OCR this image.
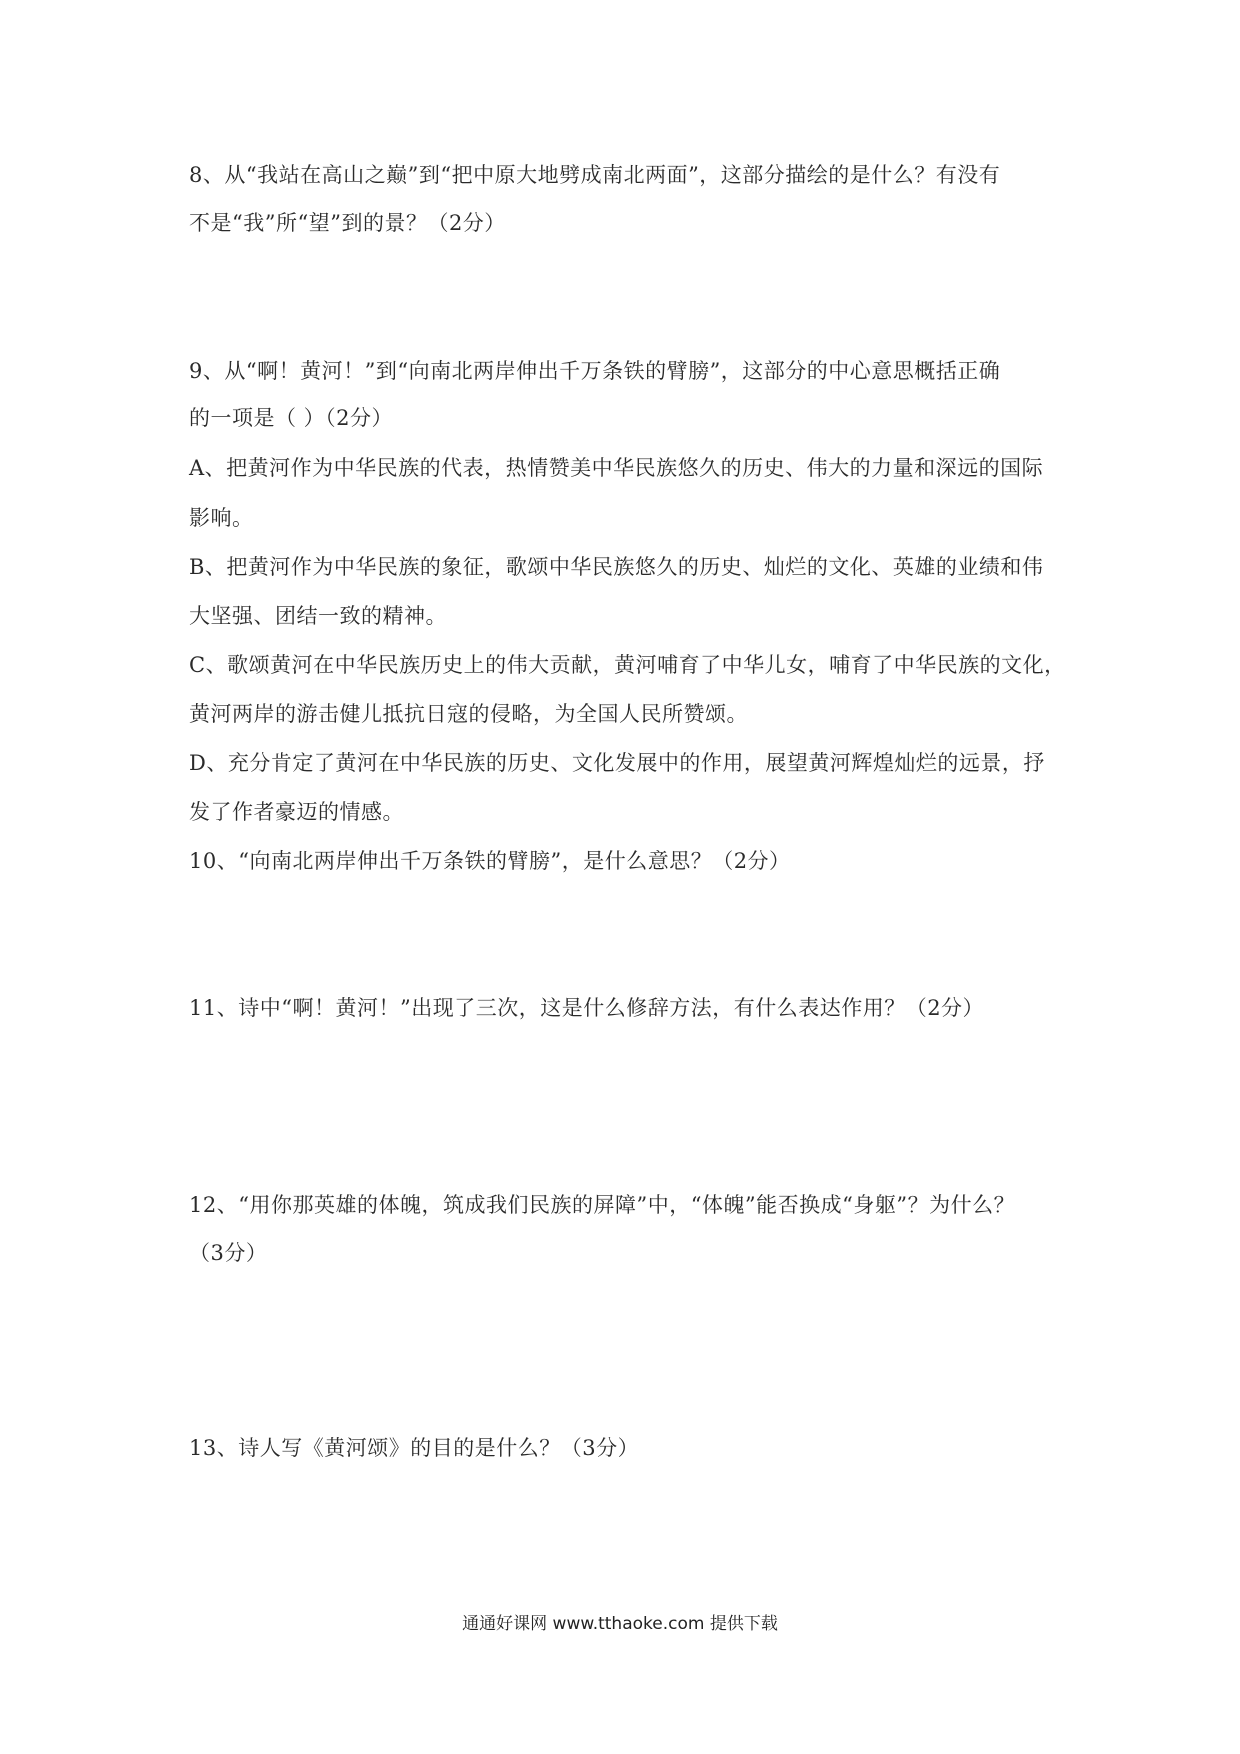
8、从“我站在高山之巅”到“把中原大地劈成南北两面”，这部分描绘的是什么？有没有
不是“我”所“望”到的景？（2分）
9、从“啊！黄河！”到“向南北两岸伸出千万条铁的臂膀”，这部分的中心意思概括正确
的一项是（ ）（2分）
A、把黄河作为中华民族的代表，热情赞美中华民族悠久的历史、伟大的力量和深远的国际
影响。
B、把黄河作为中华民族的象征，歌颂中华民族悠久的历史、灿烂的文化、英雄的业绩和伟
大坚强、团结一致的精神。
C、歌颂黄河在中华民族历史上的伟大贡献，黄河哺育了中华儿女，哺育了中华民族的文化，
黄河两岸的游击健儿抵抗日寇的侵略，为全国人民所赞颂。
D、充分肯定了黄河在中华民族的历史、文化发展中的作用，展望黄河辉煌灿烂的远景，抒
发了作者豪迈的情感。
10、“向南北两岸伸出千万条铁的臂膀”，是什么意思？（2分）
11、诗中“啊！黄河！”出现了三次，这是什么修辞方法，有什么表达作用？（2分）
12、“用你那英雄的体魄，筑成我们民族的屏障”中，“体魄”能否换成“身躯”？为什么？
（3分）
13、诗人写《黄河颂》的目的是什么？（3分）
通通好课网 www.tthaoke.com 提供下载
